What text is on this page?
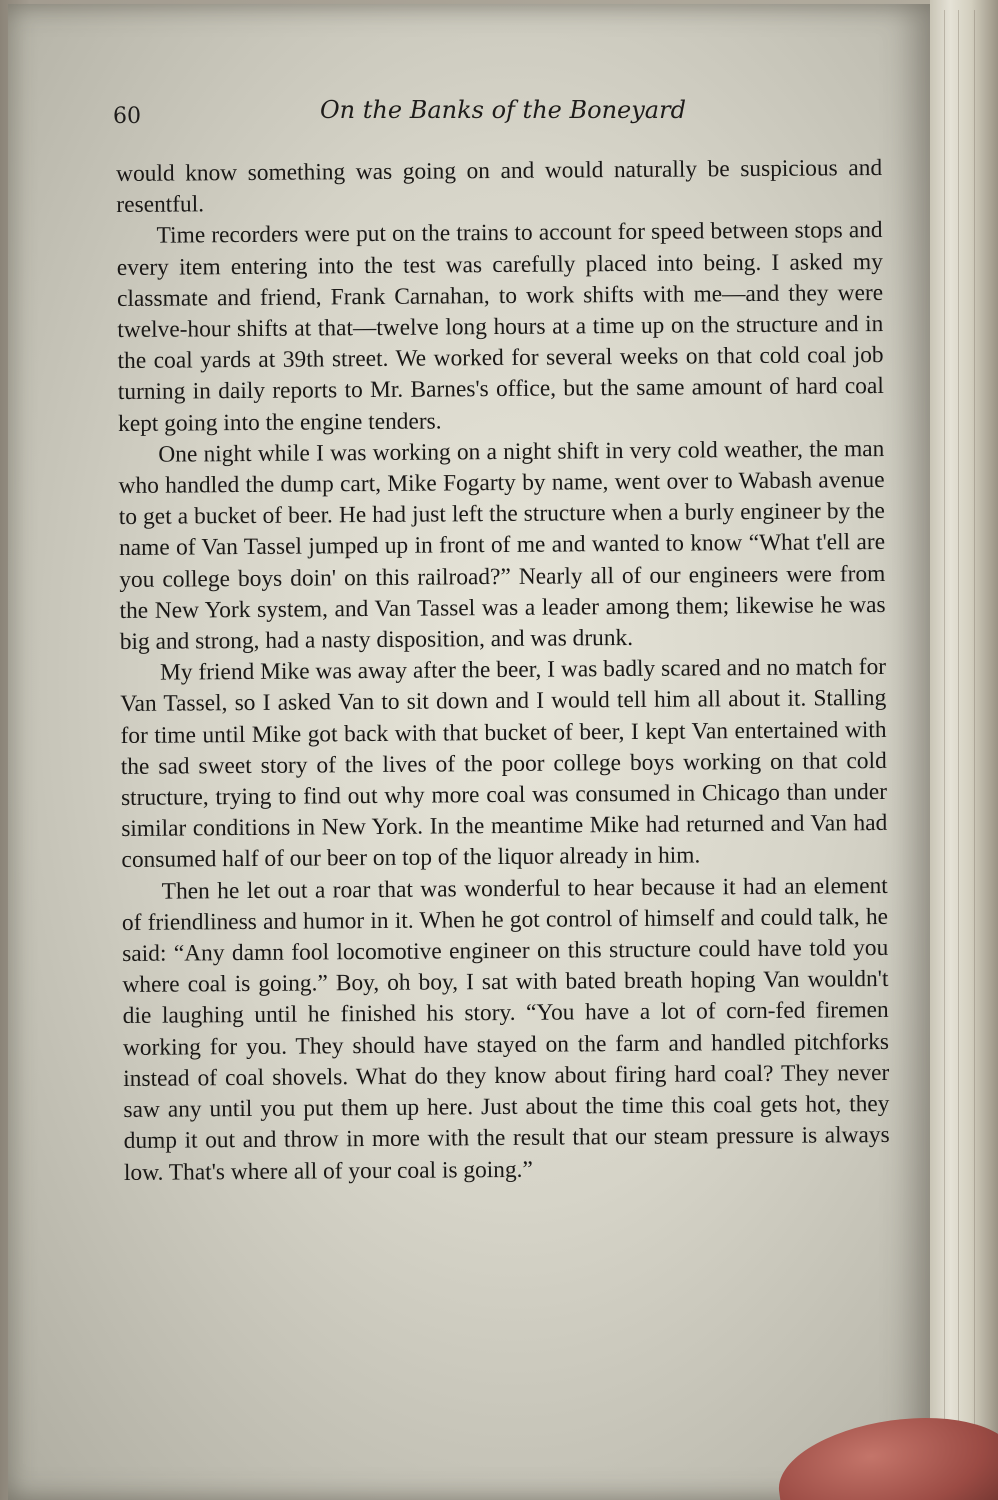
60	On the Banks of the Boneyard

would know something was going on and would naturally be suspicious and resentful.

Time recorders were put on the trains to account for speed between stops and every item entering into the test was carefully placed into being. I asked my classmate and friend, Frank Carnahan, to work shifts with me—and they were twelve-hour shifts at that—twelve long hours at a time up on the structure and in the coal yards at 39th street. We worked for several weeks on that cold coal job turning in daily reports to Mr. Barnes's office, but the same amount of hard coal kept going into the engine tenders.

One night while I was working on a night shift in very cold weather, the man who handled the dump cart, Mike Fogarty by name, went over to Wabash avenue to get a bucket of beer. He had just left the structure when a burly engineer by the name of Van Tassel jumped up in front of me and wanted to know “What t'ell are you college boys doin' on this railroad?” Nearly all of our engineers were from the New York system, and Van Tassel was a leader among them; likewise he was big and strong, had a nasty disposition, and was drunk.

My friend Mike was away after the beer, I was badly scared and no match for Van Tassel, so I asked Van to sit down and I would tell him all about it. Stalling for time until Mike got back with that bucket of beer, I kept Van entertained with the sad sweet story of the lives of the poor college boys working on that cold structure, trying to find out why more coal was consumed in Chicago than under similar conditions in New York. In the meantime Mike had returned and Van had consumed half of our beer on top of the liquor already in him.

Then he let out a roar that was wonderful to hear because it had an element of friendliness and humor in it. When he got control of himself and could talk, he said: “Any damn fool locomotive engineer on this structure could have told you where coal is going.” Boy, oh boy, I sat with bated breath hoping Van wouldn't die laughing until he finished his story. “You have a lot of corn-fed firemen working for you. They should have stayed on the farm and handled pitchforks instead of coal shovels. What do they know about firing hard coal? They never saw any until you put them up here. Just about the time this coal gets hot, they dump it out and throw in more with the result that our steam pressure is always low. That's where all of your coal is going.”
